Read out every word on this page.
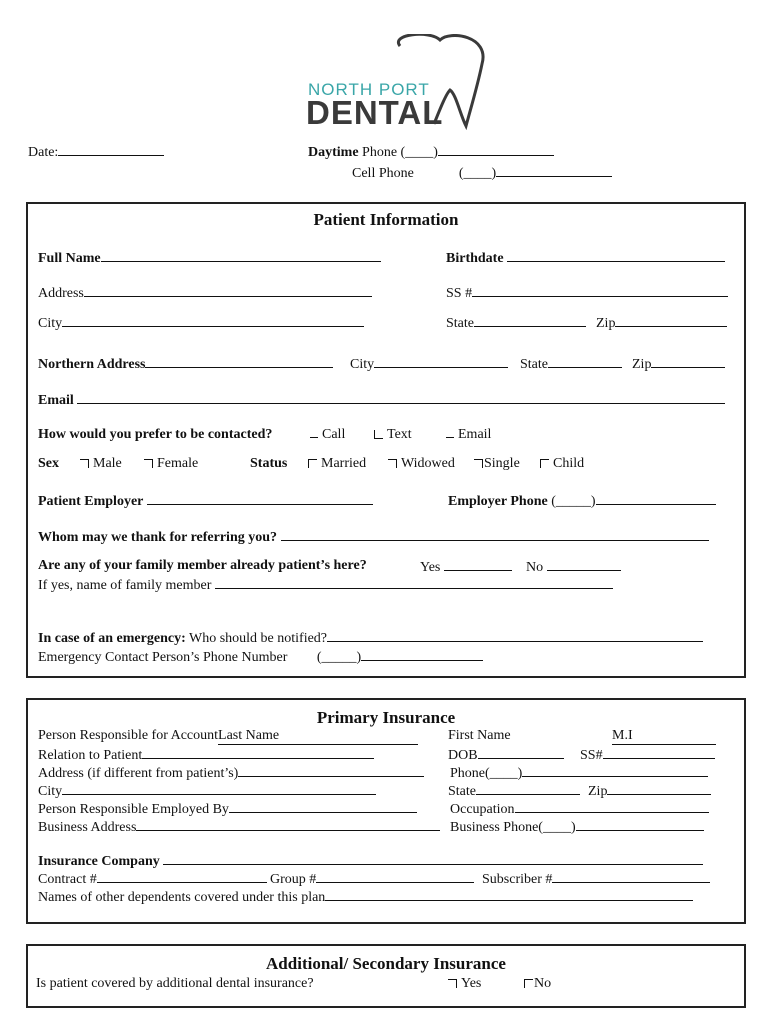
NORTH PORT
DENTAL
Date:	Daytime Phone (____)
Cell Phone	(____)
Patient Information
Full Name	Birthdate
Address	SS #
City	State	Zip
Northern Address	City	State	Zip
Email
How would you prefer to be contacted?	Call	Text	Email
Sex	Male	Female	Status	Married	Widowed	Single	Child
Patient Employer	Employer Phone (_____)
Whom may we thank for referring you?
Are any of your family member already patient’s here?	Yes	No
If yes, name of family member
In case of an emergency: Who should be notified?
Emergency Contact Person’s Phone Number (_____)
Primary Insurance
Person Responsible for AccountLast Name	First Name	M.I
Relation to Patient	DOB	SS#
Address (if different from patient’s)	Phone(____)
City	State	Zip
Person Responsible Employed By	Occupation
Business Address	Business Phone(____)
Insurance Company
Contract #	Group #	Subscriber #
Names of other dependents covered under this plan
Additional/ Secondary Insurance
Is patient covered by additional dental insurance?	Yes	No
